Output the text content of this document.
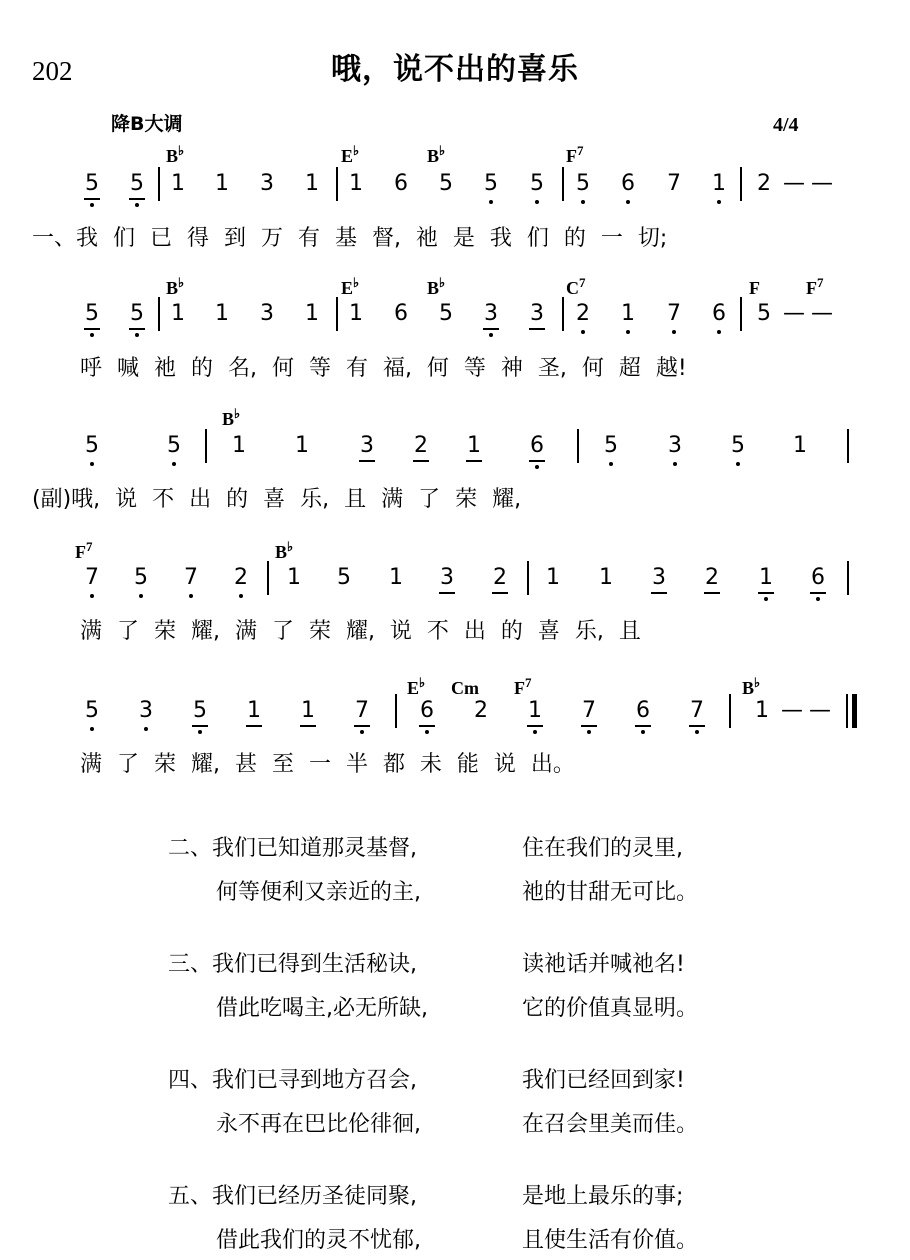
202	哦，说不出的喜乐
降B大调	4/4
B♭	E♭	B♭	$F^7$
5 5 1 1 3 1 1 6 5 5 5 5 6 7 1 2 — —
一、我 们 已 得 到 万 有 基 督, 祂 是 我 们 的 一 切;
B♭	E♭	B♭	$C^7$	F	$F^7$
5 5 1 1 3 1 1 6 5 3 3 2 1 7 6 5 — —
呼 喊 祂 的 名, 何 等 有 福, 何 等 神 圣, 何 超 越!
B♭
5	5 1 1 3 2 1 6	5 3 5 1
(副)哦, 说 不 出 的 喜 乐, 且 满 了 荣 耀,
$F^7$	B♭
7 5 7 2 1 5 1 3 2 1 1 3 2 1 6
满 了 荣 耀, 满 了 荣 耀, 说 不 出 的 喜 乐, 且
E♭ Cm $F^7$	B♭
5 3 5 1 1 7 6 2 1 7 6 7 1 — —
满 了 荣 耀, 甚 至 一 半 都 未 能 说 出。
二、我们已知道那灵基督,	住在我们的灵里,
何等便利又亲近的主,	祂的甘甜无可比。
三、我们已得到生活秘诀,	读祂话并喊祂名!
借此吃喝主,必无所缺,	它的价值真显明。
四、我们已寻到地方召会,	我们已经回到家!
永不再在巴比伦徘徊,	在召会里美而佳。
五、我们已经历圣徒同聚,	是地上最乐的事;
借此我们的灵不忧郁,	且使生活有价值。
